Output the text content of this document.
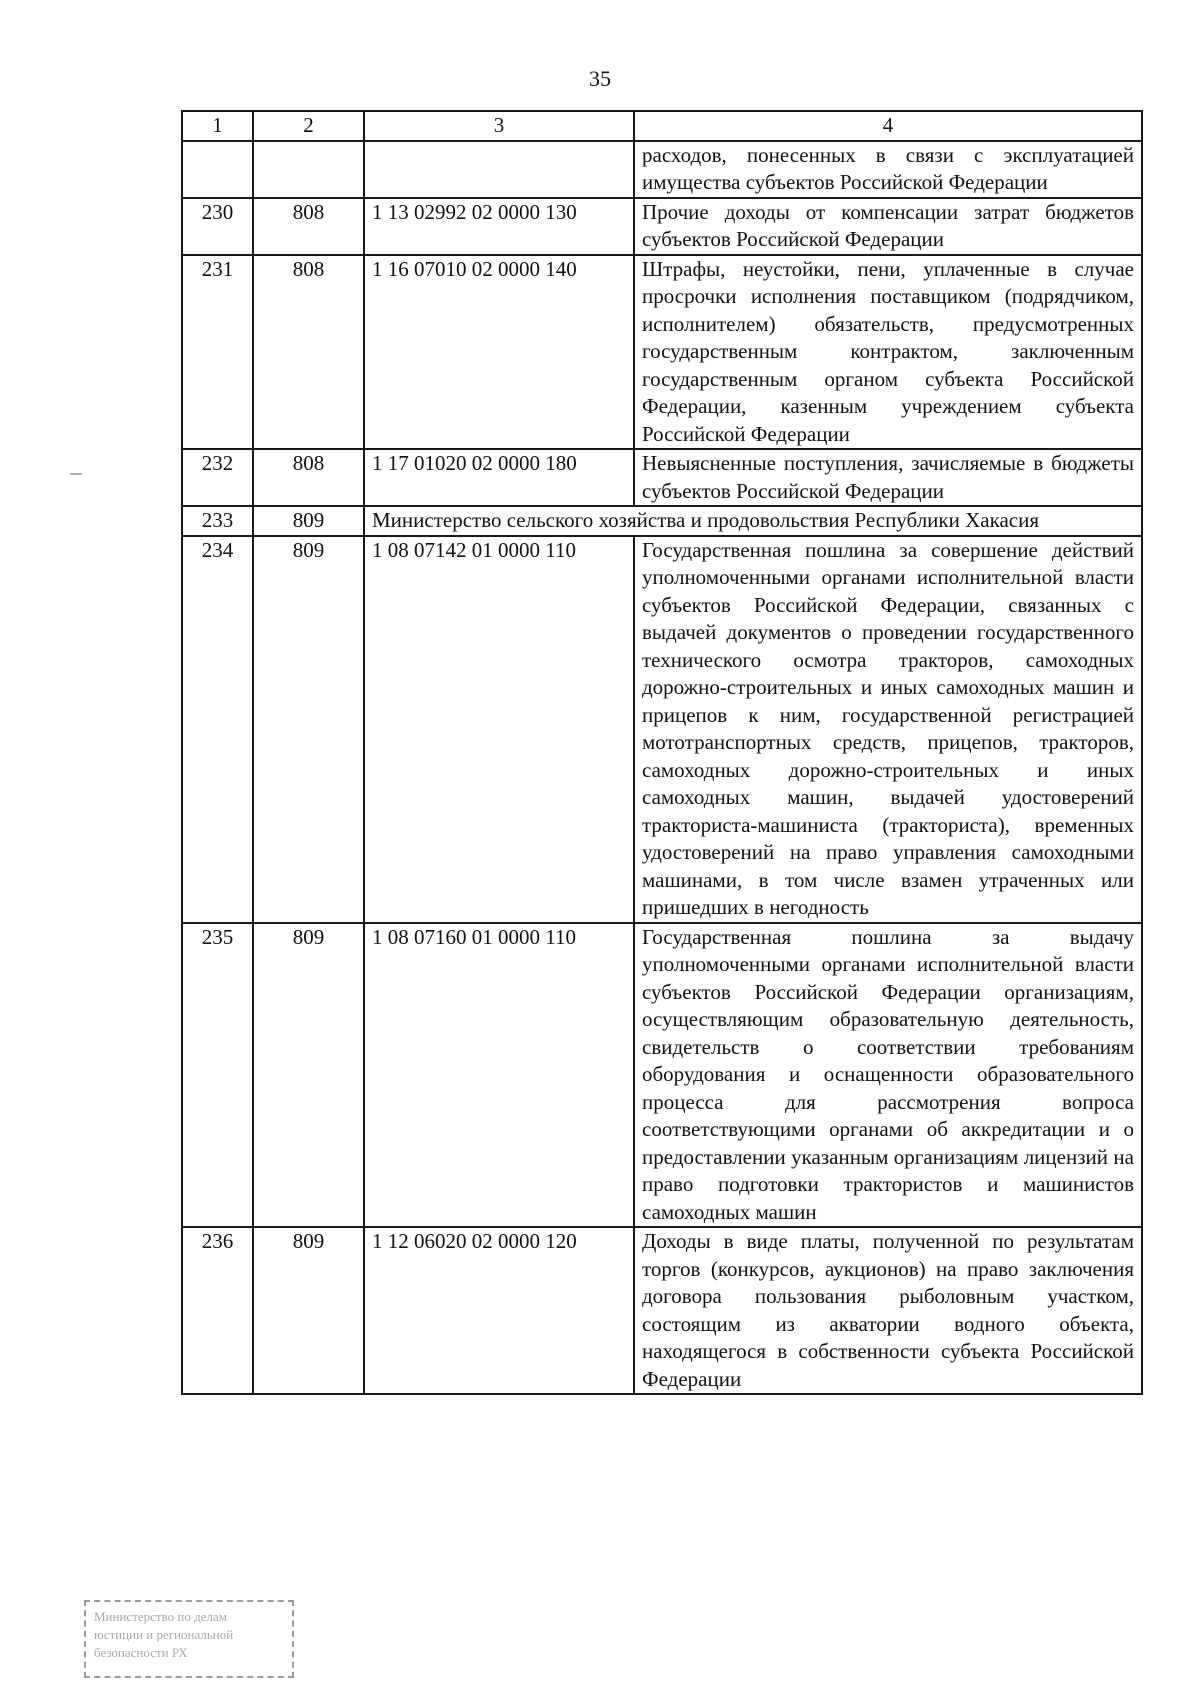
35
1	2	3	4
			расходов, понесенных в связи с эксплуатацией имущества субъектов Российской Федерации
230	808	1 13 02992 02 0000 130	Прочие доходы от компенсации затрат бюджетов субъектов Российской Федерации
231	808	1 16 07010 02 0000 140	Штрафы, неустойки, пени, уплаченные в случае просрочки исполнения поставщиком (подрядчиком, исполнителем) обязательств, предусмотренных государственным контрактом, заключенным государственным органом субъекта Российской Федерации, казенным учреждением субъекта Российской Федерации
232	808	1 17 01020 02 0000 180	Невыясненные поступления, зачисляемые в бюджеты субъектов Российской Федерации
233	809	Министерство сельского хозяйства и продовольствия Республики Хакасия	
234	809	1 08 07142 01 0000 110	Государственная пошлина за совершение действий уполномоченными органами исполнительной власти субъектов Российской Федерации, связанных с выдачей документов о проведении государственного технического осмотра тракторов, самоходных дорожно-строительных и иных самоходных машин и прицепов к ним, государственной регистрацией мототранспортных средств, прицепов, тракторов, самоходных дорожно-строительных и иных самоходных машин, выдачей удостоверений тракториста-машиниста (тракториста), временных удостоверений на право управления самоходными машинами, в том числе взамен утраченных или пришедших в негодность
235	809	1 08 07160 01 0000 110	Государственная пошлина за выдачу уполномоченными органами исполнительной власти субъектов Российской Федерации организациям, осуществляющим образовательную деятельность, свидетельств о соответствии требованиям оборудования и оснащенности образовательного процесса для рассмотрения вопроса соответствующими органами об аккредитации и о предоставлении указанным организациям лицензий на право подготовки трактористов и машинистов самоходных машин
236	809	1 12 06020 02 0000 120	Доходы в виде платы, полученной по результатам торгов (конкурсов, аукционов) на право заключения договора пользования рыболовным участком, состоящим из акватории водного объекта, находящегося в собственности субъекта Российской Федерации
Министерство по делам
юстиции и региональной
безопасности РХ
